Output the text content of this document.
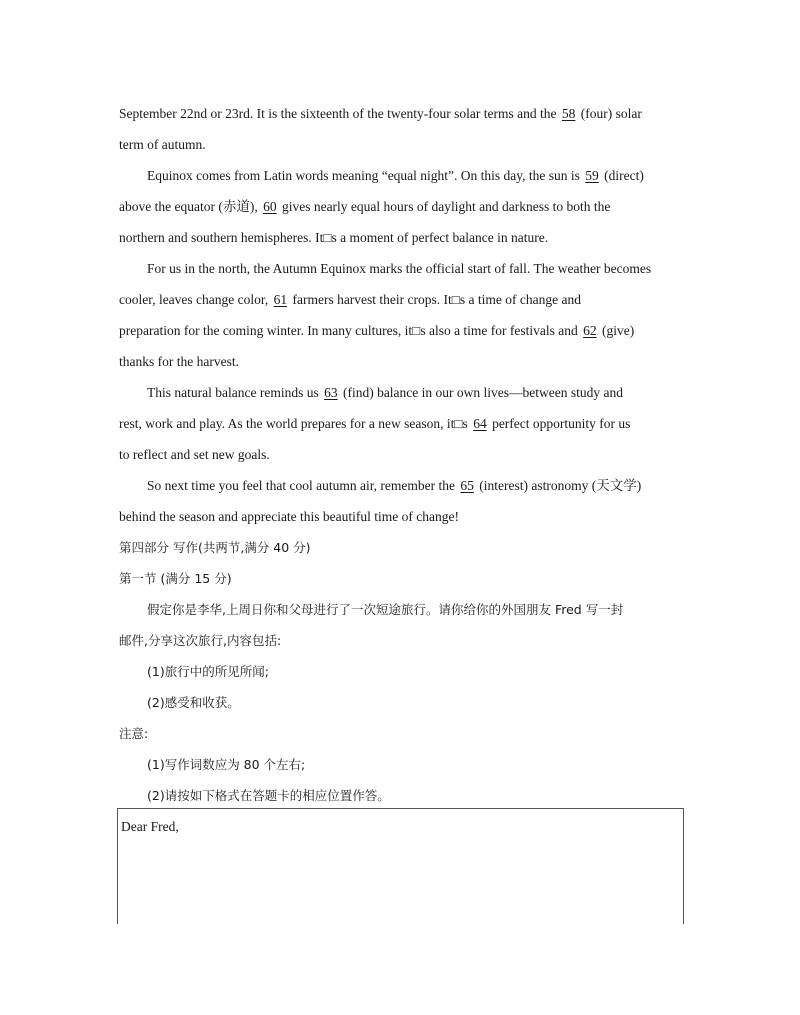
September 22nd or 23rd. It is the sixteenth of the twenty-four solar terms and the 58 (four) solar
term of autumn.
Equinox comes from Latin words meaning “equal night”. On this day, the sun is 59 (direct)
above the equator (赤道), 60 gives nearly equal hours of daylight and darkness to both the
northern and southern hemispheres. It□s a moment of perfect balance in nature.
For us in the north, the Autumn Equinox marks the official start of fall. The weather becomes
cooler, leaves change color, 61 farmers harvest their crops. It□s a time of change and
preparation for the coming winter. In many cultures, it□s also a time for festivals and 62 (give)
thanks for the harvest.
This natural balance reminds us 63 (find) balance in our own lives—between study and
rest, work and play. As the world prepares for a new season, it□s 64 perfect opportunity for us
to reflect and set new goals.
So next time you feel that cool autumn air, remember the 65 (interest) astronomy (天文学)
behind the season and appreciate this beautiful time of change!
第四部分 写作(共两节,满分 40 分)
第一节 (满分 15 分)
假定你是李华,上周日你和父母进行了一次短途旅行。请你给你的外国朋友 Fred 写一封
邮件,分享这次旅行,内容包括:
(1)旅行中的所见所闻;
(2)感受和收获。
注意:
(1)写作词数应为 80 个左右;
(2)请按如下格式在答题卡的相应位置作答。
Dear Fred,
